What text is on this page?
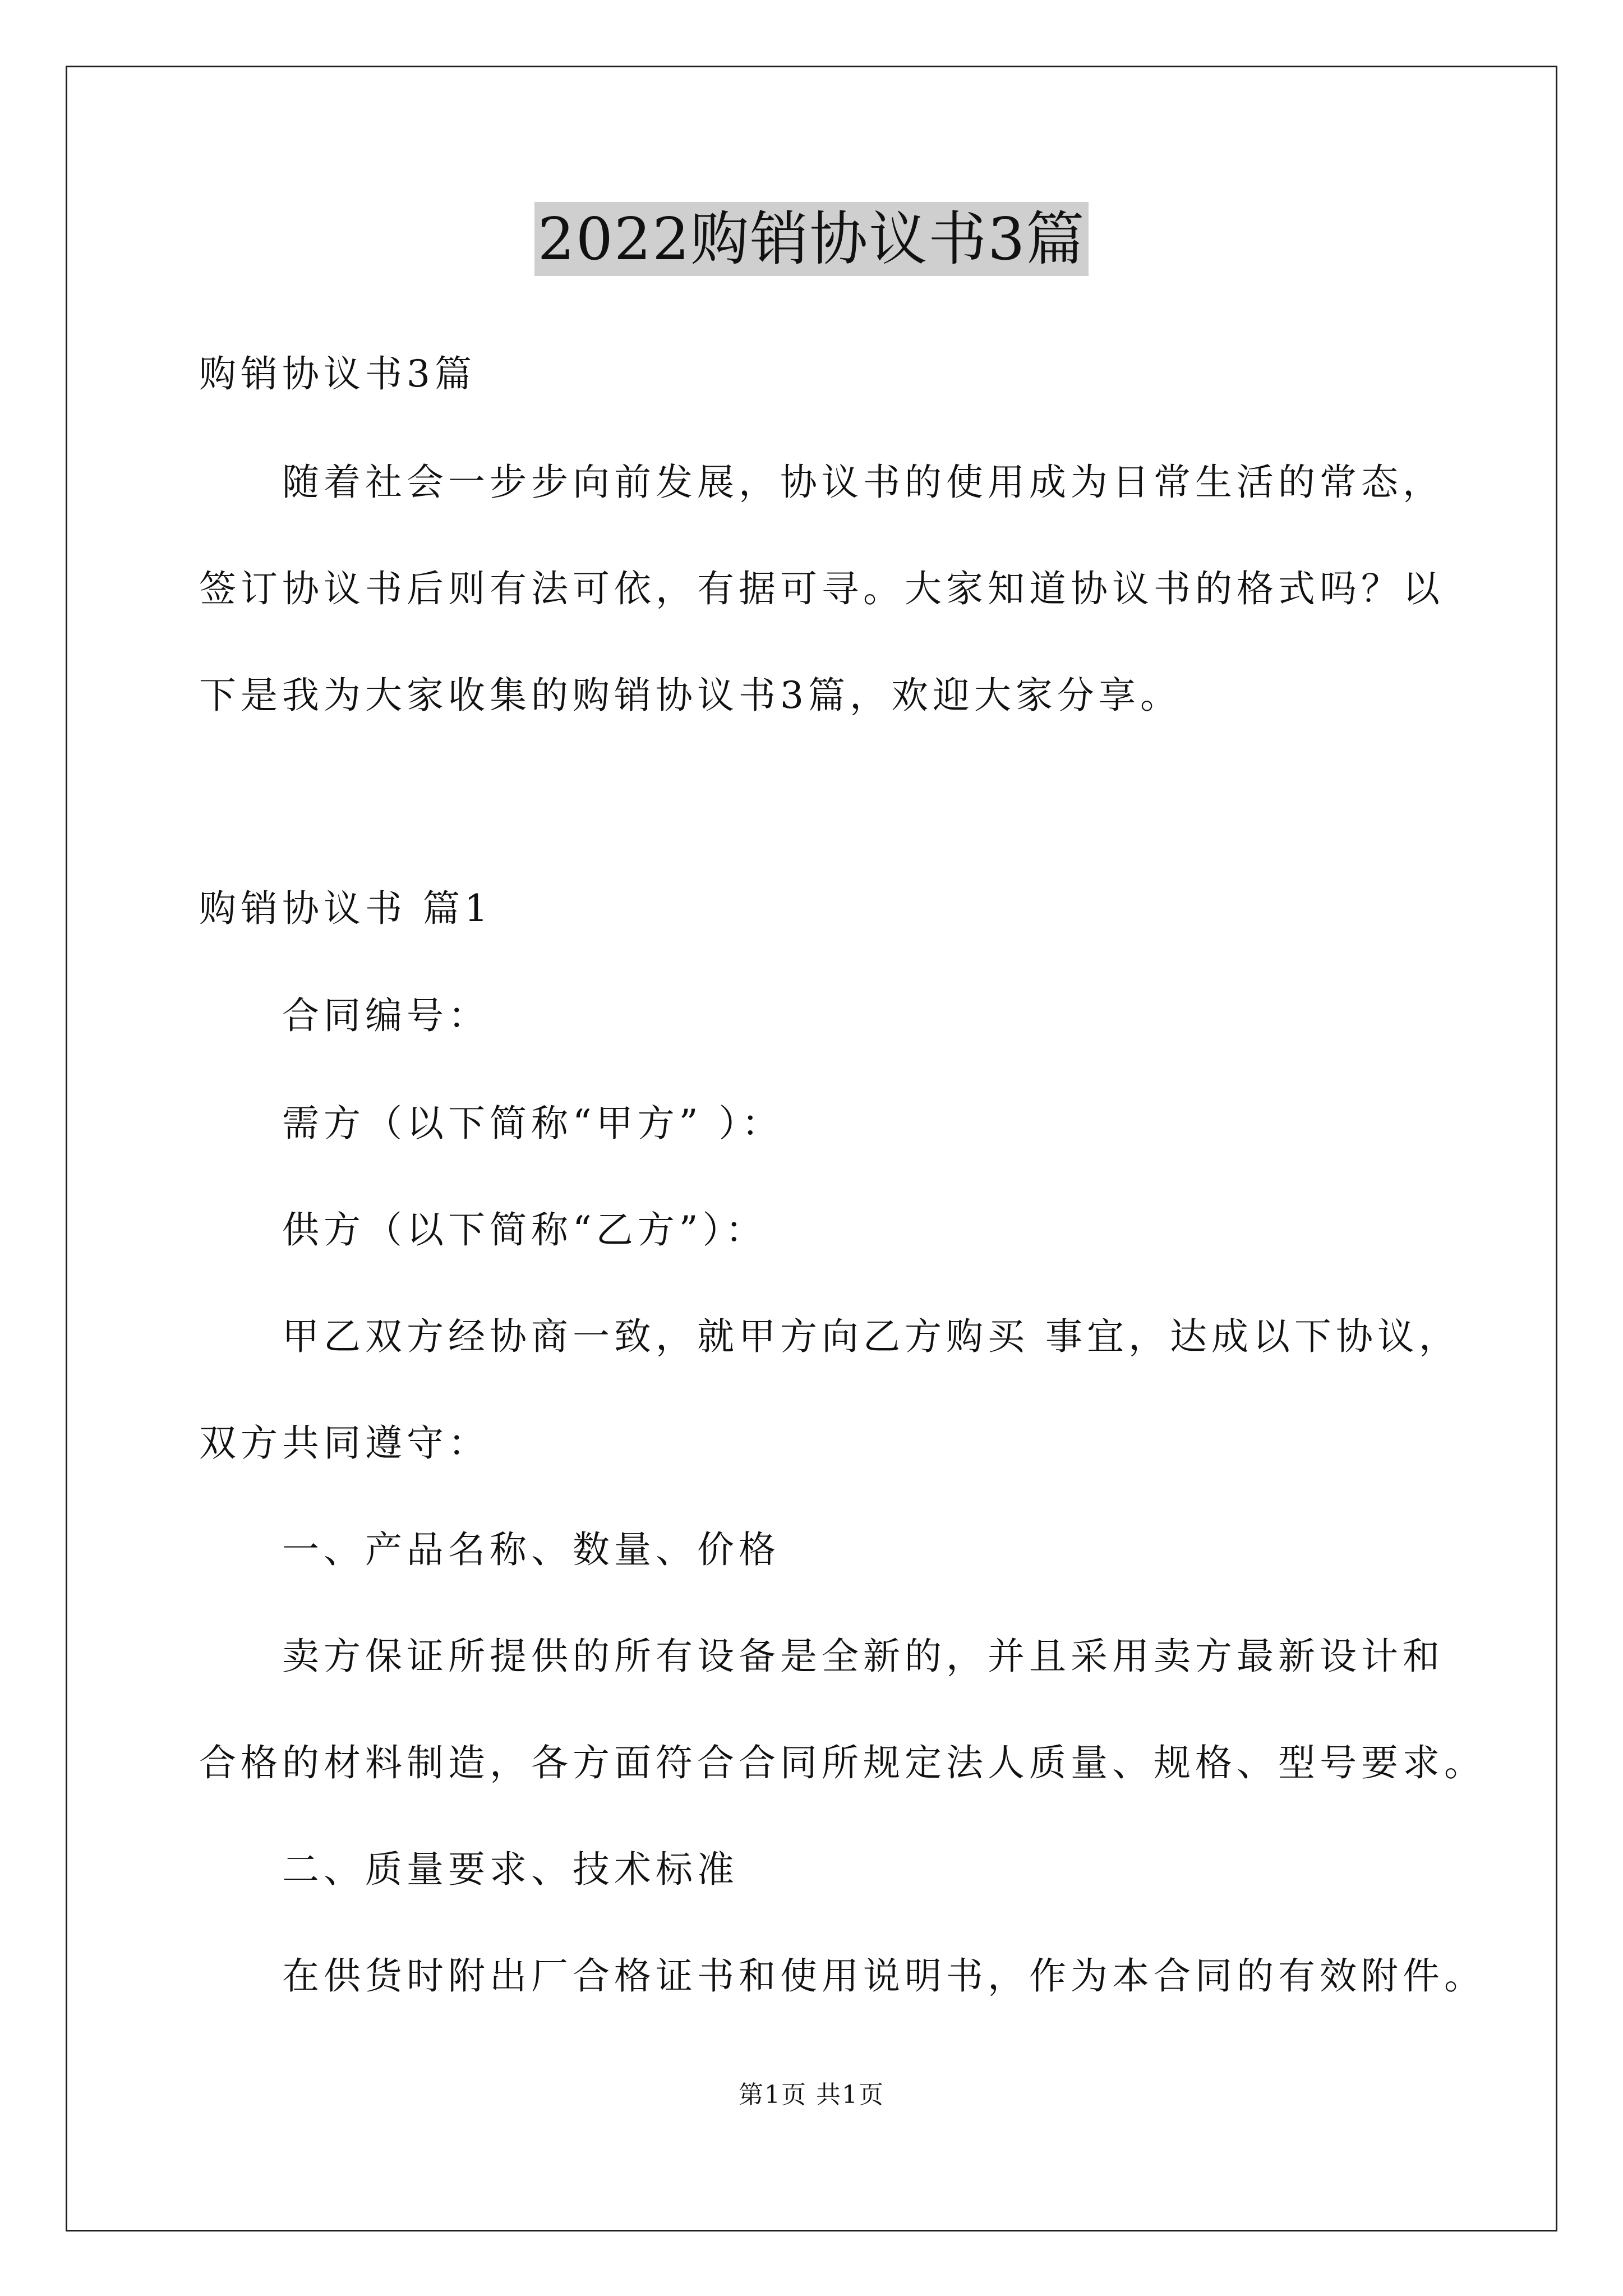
2022购销协议书3篇

购销协议书3篇

随着社会一步步向前发展，协议书的使用成为日常生活的常态，

签订协议书后则有法可依，有据可寻。大家知道协议书的格式吗？以

下是我为大家收集的购销协议书3篇，欢迎大家分享。

购销协议书 篇1

合同编号：

需方（以下简称“甲方” ）：

供方（以下简称“乙方”）：

甲乙双方经协商一致，就甲方向乙方购买 事宜，达成以下协议，

双方共同遵守：

一、产品名称、数量、价格

卖方保证所提供的所有设备是全新的，并且采用卖方最新设计和

合格的材料制造，各方面符合合同所规定法人质量、规格、型号要求。

二、质量要求、技术标准

在供货时附出厂合格证书和使用说明书，作为本合同的有效附件。

第1页 共1页
